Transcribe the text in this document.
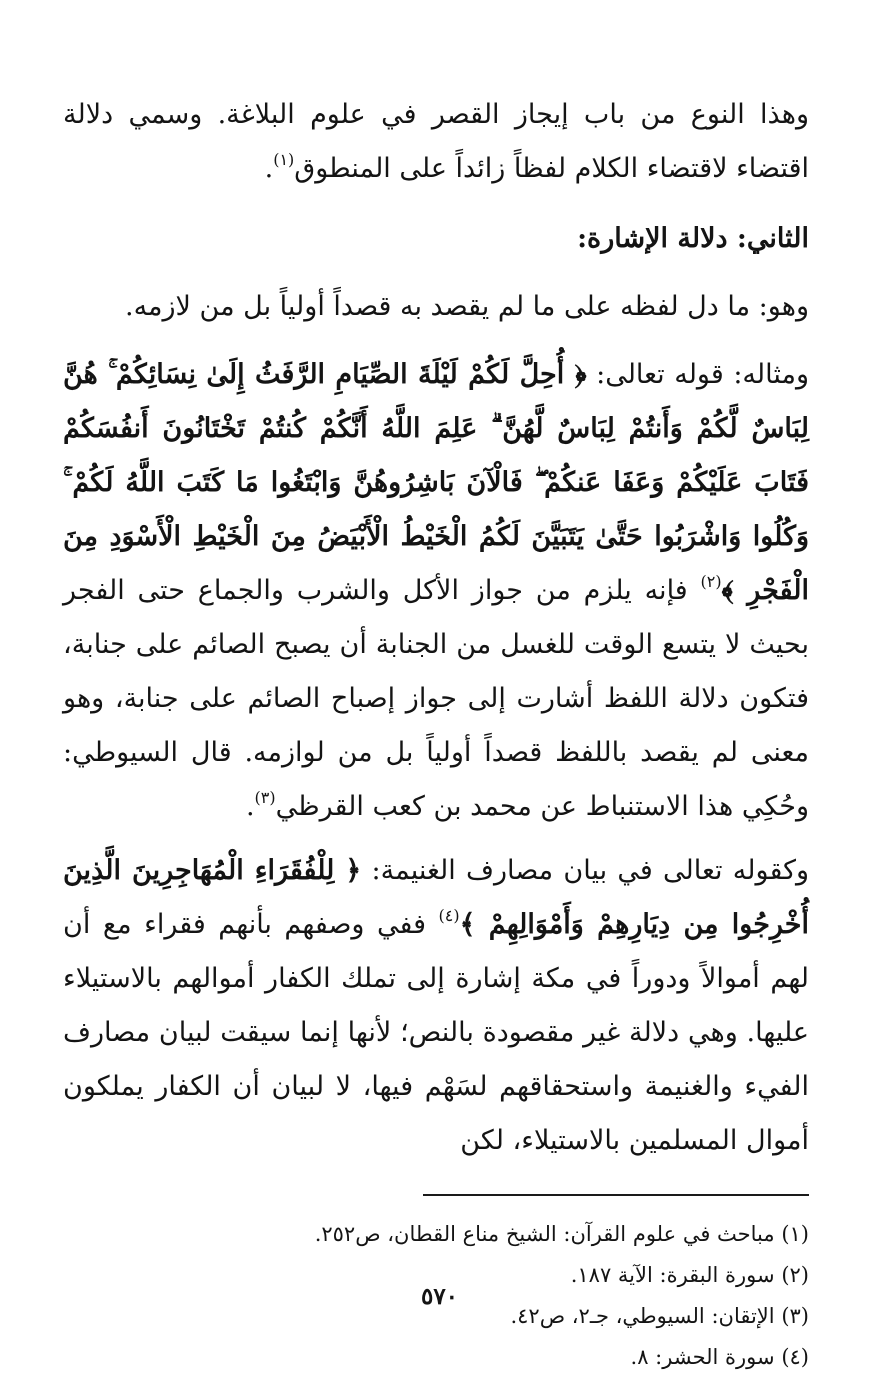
وهذا النوع من باب إيجاز القصر في علوم البلاغة. وسمي دلالة اقتضاء لاقتضاء الكلام لفظاً زائداً على المنطوق$^{(١)}$.

الثاني: دلالة الإشارة:

وهو: ما دل لفظه على ما لم يقصد به قصداً أولياً بل من لازمه.

ومثاله: قوله تعالى: ﴿ أُحِلَّ لَكُمْ لَيْلَةَ الصِّيَامِ الرَّفَثُ إِلَىٰ نِسَائِكُمْ ۚ هُنَّ لِبَاسٌ لَّكُمْ وَأَنتُمْ لِبَاسٌ لَّهُنَّ ۗ عَلِمَ اللَّهُ أَنَّكُمْ كُنتُمْ تَخْتَانُونَ أَنفُسَكُمْ فَتَابَ عَلَيْكُمْ وَعَفَا عَنكُمْ ۖ فَالْآنَ بَاشِرُوهُنَّ وَابْتَغُوا مَا كَتَبَ اللَّهُ لَكُمْ ۚ وَكُلُوا وَاشْرَبُوا حَتَّىٰ يَتَبَيَّنَ لَكُمُ الْخَيْطُ الْأَبْيَضُ مِنَ الْخَيْطِ الْأَسْوَدِ مِنَ الْفَجْرِ ﴾$^{(٢)}$ فإنه يلزم من جواز الأكل والشرب والجماع حتى الفجر بحيث لا يتسع الوقت للغسل من الجنابة أن يصبح الصائم على جنابة، فتكون دلالة اللفظ أشارت إلى جواز إصباح الصائم على جنابة، وهو معنى لم يقصد باللفظ قصداً أولياً بل من لوازمه. قال السيوطي: وحُكِي هذا الاستنباط عن محمد بن كعب القرظي$^{(٣)}$.

وكقوله تعالى في بيان مصارف الغنيمة: ﴿ لِلْفُقَرَاءِ الْمُهَاجِرِينَ الَّذِينَ أُخْرِجُوا مِن دِيَارِهِمْ وَأَمْوَالِهِمْ ﴾$^{(٤)}$ ففي وصفهم بأنهم فقراء مع أن لهم أموالاً ودوراً في مكة إشارة إلى تملك الكفار أموالهم بالاستيلاء عليها. وهي دلالة غير مقصودة بالنص؛ لأنها إنما سيقت لبيان مصارف الفيء والغنيمة واستحقاقهم لسَهْم فيها، لا لبيان أن الكفار يملكون أموال المسلمين بالاستيلاء، لكن

(١) مباحث في علوم القرآن: الشيخ مناع القطان، ص٢٥٢.

(٢) سورة البقرة: الآية ١٨٧.

(٣) الإتقان: السيوطي، جـ٢، ص٤٢.

(٤) سورة الحشر: ٨.

٥٧٠
